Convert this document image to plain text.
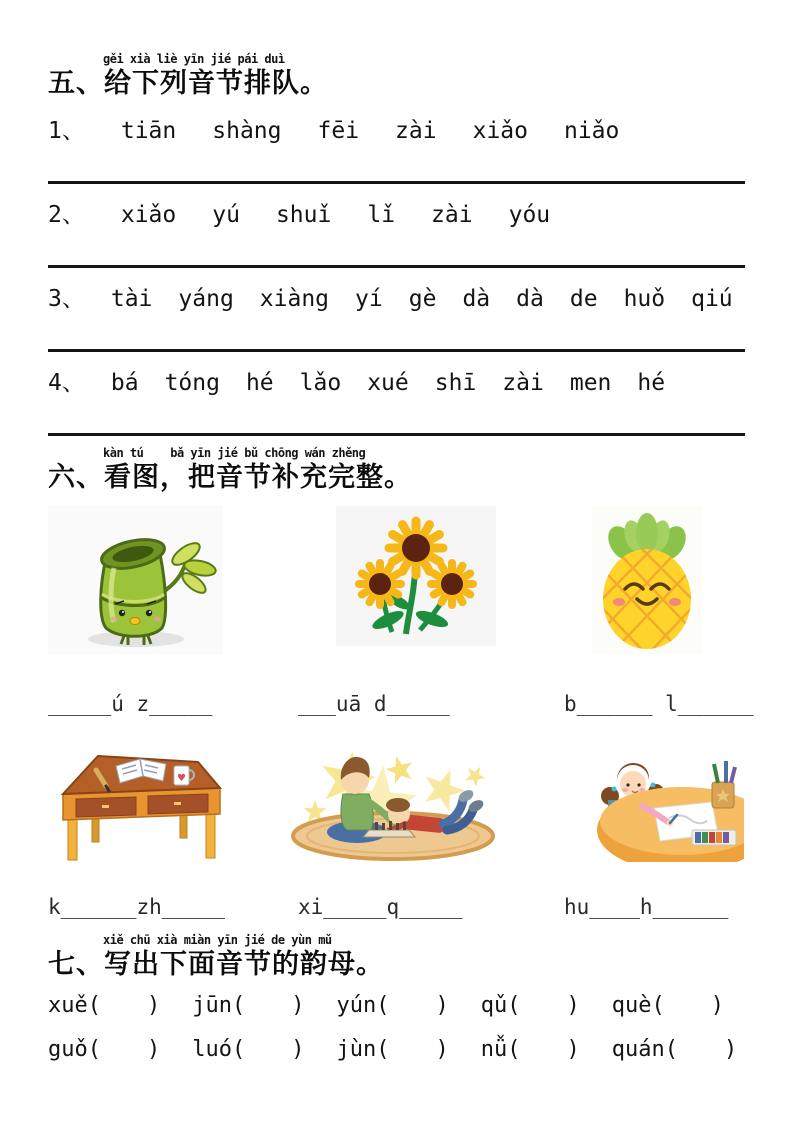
gěi xià liè yīn jié pái duì
五、给下列音节排队。
1、 tiān shàng fēi zài xiǎo niǎo
2、 xiǎo yú shuǐ lǐ zài yóu
3、 tài yáng xiàng yí gè dà dà de huǒ qiú
4、 bá tóng hé lǎo xué shī zài men hé
kàn tú    bǎ yīn jié bǔ chōng wán zhěng
六、看图，把音节补充完整。
_____ú z_____	___uā d_____	b______ l______
♥
k______zh_____	xi_____q_____	hu____h______
xiě chū xià miàn yīn jié de yùn mǔ
七、写出下面音节的韵母。
xuě ( ) jūn ( ) yún ( ) qǔ ( ) què ( )
guǒ ( ) luó ( ) jùn ( ) nǚ ( ) quán ( )
